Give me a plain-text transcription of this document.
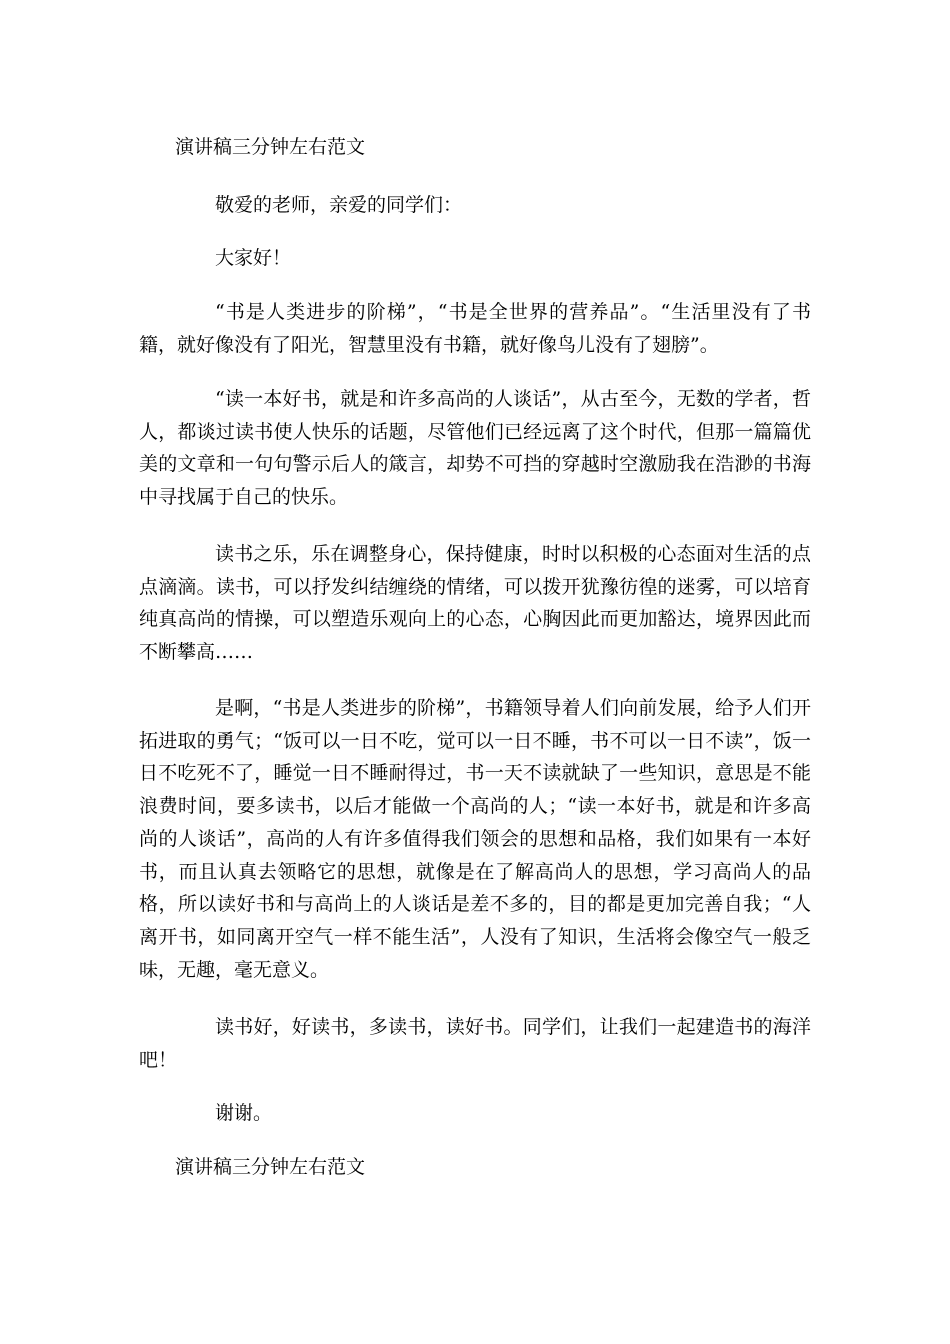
演讲稿三分钟左右范文

敬爱的老师，亲爱的同学们：

大家好！

“书是人类进步的阶梯”，“书是全世界的营养品”。“生活里没有了书籍，就好像没有了阳光，智慧里没有书籍，就好像鸟儿没有了翅膀”。

“读一本好书，就是和许多高尚的人谈话”，从古至今，无数的学者，哲人，都谈过读书使人快乐的话题，尽管他们已经远离了这个时代，但那一篇篇优美的文章和一句句警示后人的箴言，却势不可挡的穿越时空激励我在浩渺的书海中寻找属于自己的快乐。

读书之乐，乐在调整身心，保持健康，时时以积极的心态面对生活的点点滴滴。读书，可以抒发纠结缠绕的情绪，可以拨开犹豫彷徨的迷雾，可以培育纯真高尚的情操，可以塑造乐观向上的心态，心胸因此而更加豁达，境界因此而不断攀高……

是啊，“书是人类进步的阶梯”，书籍领导着人们向前发展，给予人们开拓进取的勇气；“饭可以一日不吃，觉可以一日不睡，书不可以一日不读”，饭一日不吃死不了，睡觉一日不睡耐得过，书一天不读就缺了一些知识，意思是不能浪费时间，要多读书，以后才能做一个高尚的人；“读一本好书，就是和许多高尚的人谈话”，高尚的人有许多值得我们领会的思想和品格，我们如果有一本好书，而且认真去领略它的思想，就像是在了解高尚人的思想，学习高尚人的品格，所以读好书和与高尚上的人谈话是差不多的，目的都是更加完善自我；“人离开书，如同离开空气一样不能生活”，人没有了知识，生活将会像空气一般乏味，无趣，毫无意义。

读书好，好读书，多读书，读好书。同学们，让我们一起建造书的海洋吧！

谢谢。

演讲稿三分钟左右范文
